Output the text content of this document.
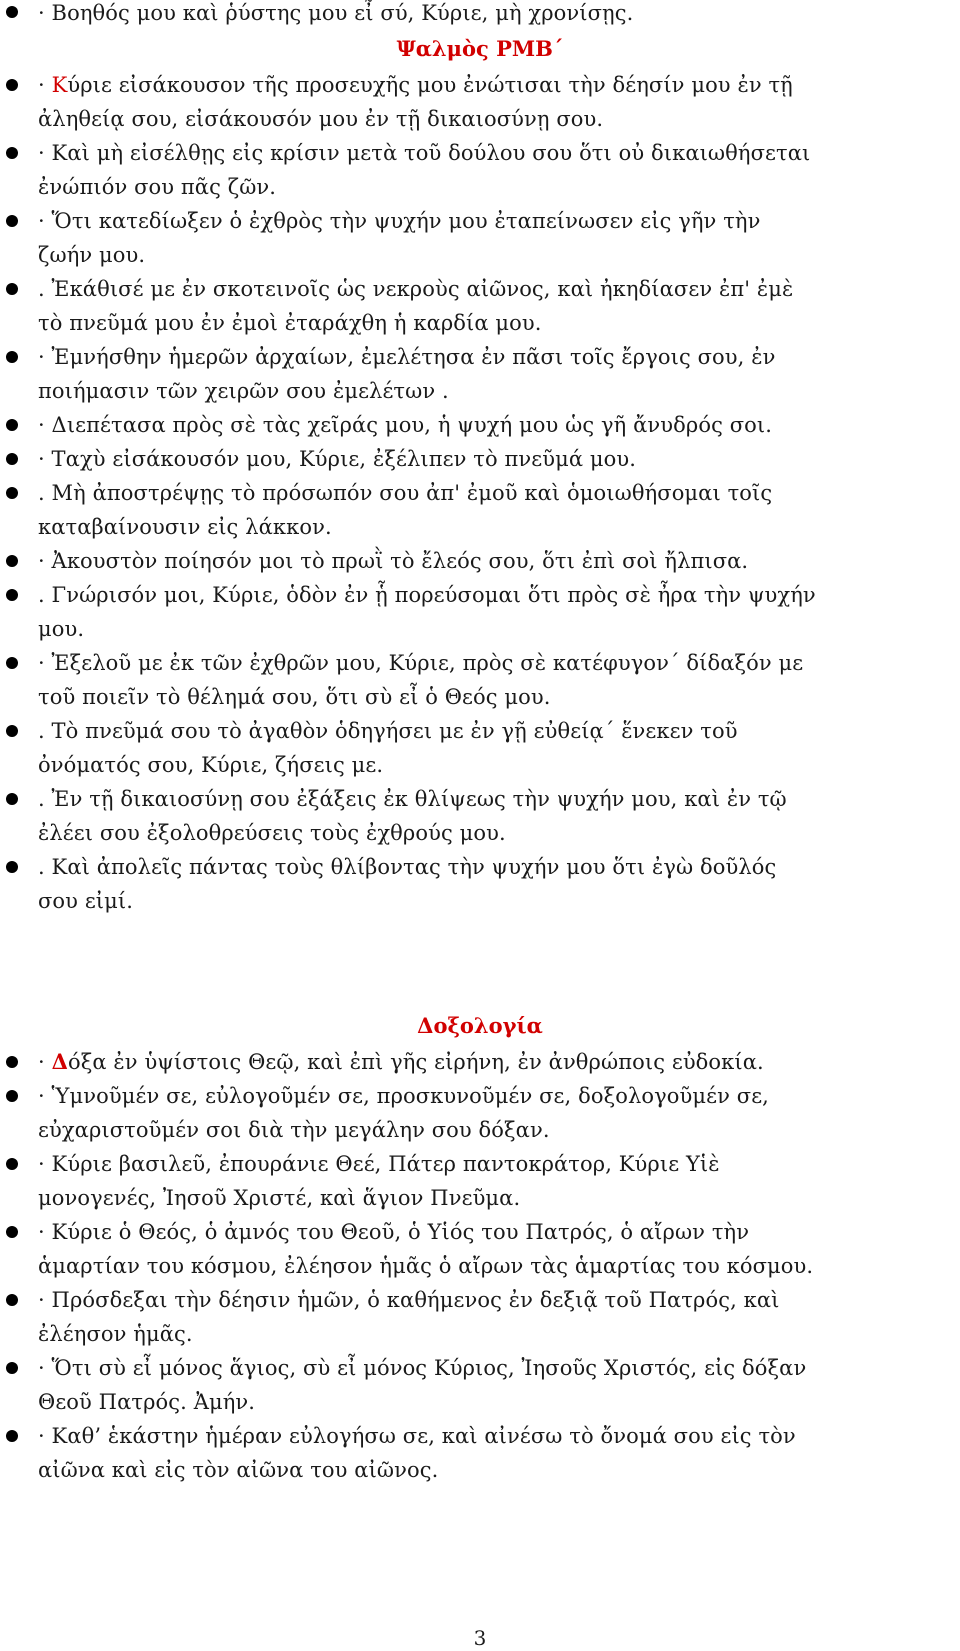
· Βοηθός μου καὶ ῥύστης μου εἶ σύ, Κύριε, μὴ χρονίσῃς.

Ψαλμὸς ΡΜΒ΄

· Κύριε εἰσάκουσον τῆς προσευχῆς μου ἐνώτισαι τὴν δέησίν μου ἐν τῇ

ἀληθείᾳ σου, εἰσάκουσόν μου ἐν τῇ δικαιοσύνῃ σου.

· Καὶ μὴ εἰσέλθῃς εἰς κρίσιν μετὰ τοῦ δούλου σου ὅτι οὐ δικαιωθήσεται

ἐνώπιόν σου πᾶς ζῶν.

· Ὅτι κατεδίωξεν ὁ ἐχθρὸς τὴν ψυχήν μου ἐταπείνωσεν εἰς γῆν τὴν

ζωήν μου.

. Ἐκάθισέ με ἐν σκοτεινοῖς ὡς νεκροὺς αἰῶνος, καὶ ἠκηδίασεν ἐπ' ἐμὲ

τὸ πνεῦμά μου ἐν ἐμοὶ ἐταράχθη ἡ καρδία μου.

· Ἐμνήσθην ἡμερῶν ἀρχαίων, ἐμελέτησα ἐν πᾶσι τοῖς ἔργοις σου, ἐν

ποιήμασιν τῶν χειρῶν σου ἐμελέτων .

· Διεπέτασα πρὸς σὲ τὰς χεῖράς μου, ἡ ψυχή μου ὡς γῆ ἄνυδρός σοι.

· Ταχὺ εἰσάκουσόν μου, Κύριε, ἐξέλιπεν τὸ πνεῦμά μου.

. Μὴ ἀποστρέψῃς τὸ πρόσωπόν σου ἀπ' ἐμοῦ καὶ ὁμοιωθήσομαι τοῖς

καταβαίνουσιν εἰς λάκκον.

· Ἀκουστὸν ποίησόν μοι τὸ πρωῒ τὸ ἔλεός σου, ὅτι ἐπὶ σοὶ ἤλπισα.

. Γνώρισόν μοι, Κύριε, ὁδὸν ἐν ᾗ πορεύσομαι ὅτι πρὸς σὲ ἦρα τὴν ψυχήν

μου.

· Ἐξελοῦ με ἐκ τῶν ἐχθρῶν μου, Κύριε, πρὸς σὲ κατέφυγον΄ δίδαξόν με

τοῦ ποιεῖν τὸ θέλημά σου, ὅτι σὺ εἶ ὁ Θεός μου.

. Τὸ πνεῦμά σου τὸ ἀγαθὸν ὁδηγήσει με ἐν γῇ εὐθείᾳ΄ ἕνεκεν τοῦ

ὀνόματός σου, Κύριε, ζήσεις με.

. Ἐν τῇ δικαιοσύνῃ σου ἐξάξεις ἐκ θλίψεως τὴν ψυχήν μου, καὶ ἐν τῷ

ἐλέει σου ἐξολοθρεύσεις τοὺς ἐχθρούς μου.

. Καὶ ἀπολεῖς πάντας τοὺς θλίβοντας τὴν ψυχήν μου ὅτι ἐγὼ δοῦλός

σου εἰμί.

Δοξολογία

· Δόξα ἐν ὑψίστοις Θεῷ, καὶ ἐπὶ γῆς εἰρήνη, ἐν ἀνθρώποις εὐδοκία.

· Ὑμνοῦμέν σε, εὐλογοῦμέν σε, προσκυνοῦμέν σε, δοξολογοῦμέν σε,

εὐχαριστοῦμέν σοι διὰ τὴν μεγάλην σου δόξαν.

· Κύριε βασιλεῦ, ἐπουράνιε Θεέ, Πάτερ παντοκράτορ, Κύριε Υἱὲ

μονογενές, Ἰησοῦ Χριστέ, καὶ ἅγιον Πνεῦμα.

· Κύριε ὁ Θεός, ὁ ἀμνός του Θεοῦ, ὁ Υἱός του Πατρός, ὁ αἴρων τὴν

ἁμαρτίαν του κόσμου, ἐλέησον ἡμᾶς ὁ αἴρων τὰς ἁμαρτίας του κόσμου.

· Πρόσδεξαι τὴν δέησιν ἡμῶν, ὁ καθήμενος ἐν δεξιᾷ τοῦ Πατρός, καὶ

ἐλέησον ἡμᾶς.

· Ὅτι σὺ εἶ μόνος ἅγιος, σὺ εἶ μόνος Κύριος, Ἰησοῦς Χριστός, εἰς δόξαν

Θεοῦ Πατρός. Ἀμήν.

· Καθ’ ἑκάστην ἡμέραν εὐλογήσω σε, καὶ αἰνέσω τὸ ὄνομά σου εἰς τὸν

αἰῶνα καὶ εἰς τὸν αἰῶνα του αἰῶνος.

3
